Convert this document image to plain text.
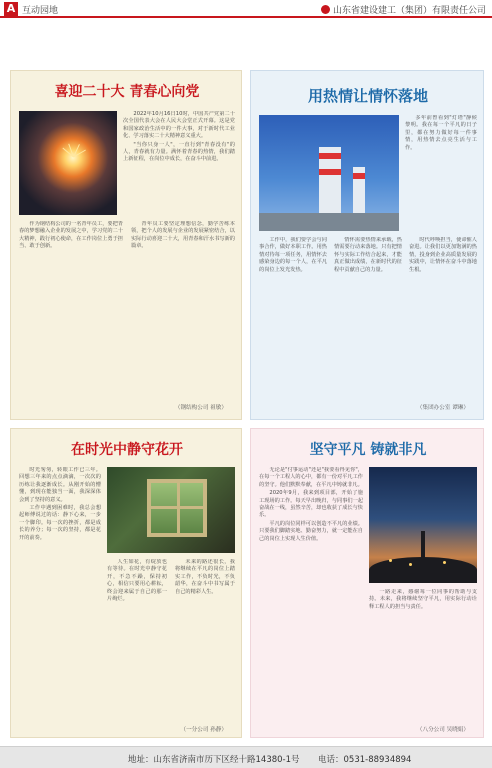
A 互动园地	山东省建设建工（集团）有限责任公司
喜迎二十大 青春心向党

2022年10月16日10时，中国共产党第二十次全国代表大会在人民大会堂正式开幕。这是党和国家政治生活中的一件大事，对于新时代工业化、学习落实二十大精神意义重大。

"当你只身一人"，一直行到"青春没有"的人，青春就有力量。满怀着青春的热情，我们踏上新征程，在岗位中成长，在奋斗中前进。

作为钢结构公司的一名青年员工，要把青春的梦想融入企业的发展之中，学习党的二十大精神，践行初心使命，在工作岗位上勇于担当、敢于创新。

青年员工要坚定理想信念，勤学苦练本领，把个人的发展与企业的发展紧密结合，以实际行动喜迎二十大，用青春和汗水书写新的篇章。

（钢结构公司 祖敏）
用热情让情怀落地

多年前曾看到"灯塔"静候黎明。我在每一个平凡的日子里，都在努力做好每一件事情，用热情去点亮生活与工作。

工作中，我们要学会与同事合作，做好本职工作。用热情对待每一项任务，用情怀去感染身边的每一个人，在平凡的岗位上发光发热。

情怀需要热情来承载，热情需要行动来落地。只有把情怀与实际工作结合起来，才能真正做出成绩，在新时代的征程中贡献自己的力量。

时代呼唤担当，使命催人奋进。让我们以更加饱满的热情，投身到企业高质量发展的实践中，让情怀在奋斗中落地生根。

（集团办公室 谭琳）
在时光中静守花开

时光匆匆，转眼工作已三年。回想三年来的点点滴滴，一次次的历练让我逐渐成长。从刚开始的懵懂，到现在能独当一面，我深深体会到了坚持的意义。

工作中遇到困难时，我总会想起师傅说过的话：静下心来，一步一个脚印。每一次的挫折，都是成长的养分；每一次的坚持，都是花开的前奏。

人生如花，有绽放也有等待。在时光中静守花开，不急不躁，保持初心，相信只要用心耕耘，终会迎来属于自己的那一片绚烂。

未来的路还很长，我将继续在平凡的岗位上踏实工作，不负时光，不负韶华，在奋斗中书写属于自己的精彩人生。

（一分公司 孙静）
坚守平凡 铸就非凡

无论是"付事运动"还是"我要看得见你"，在每一个工程人的心中，都有一份对平凡工作的坚守。他们默默奉献，在平凡中铸就非凡。

2020年9月，我来到项目部，开始了施工现场的工作。每天早出晚归，与同事们一起奋战在一线，虽然辛苦，却也收获了成长与快乐。

平凡的岗位同样可以创造不平凡的业绩。只要我们脚踏实地、勤奋努力，就一定能在自己的岗位上实现人生价值。

一路走来，感谢每一位同事的帮助与支持。未来，我将继续坚守平凡，用实际行动诠释工程人的担当与责任。

（八分公司 吴晓娟）
地址：山东省济南市历下区经十路14380-1号 电话：0531-88934894
